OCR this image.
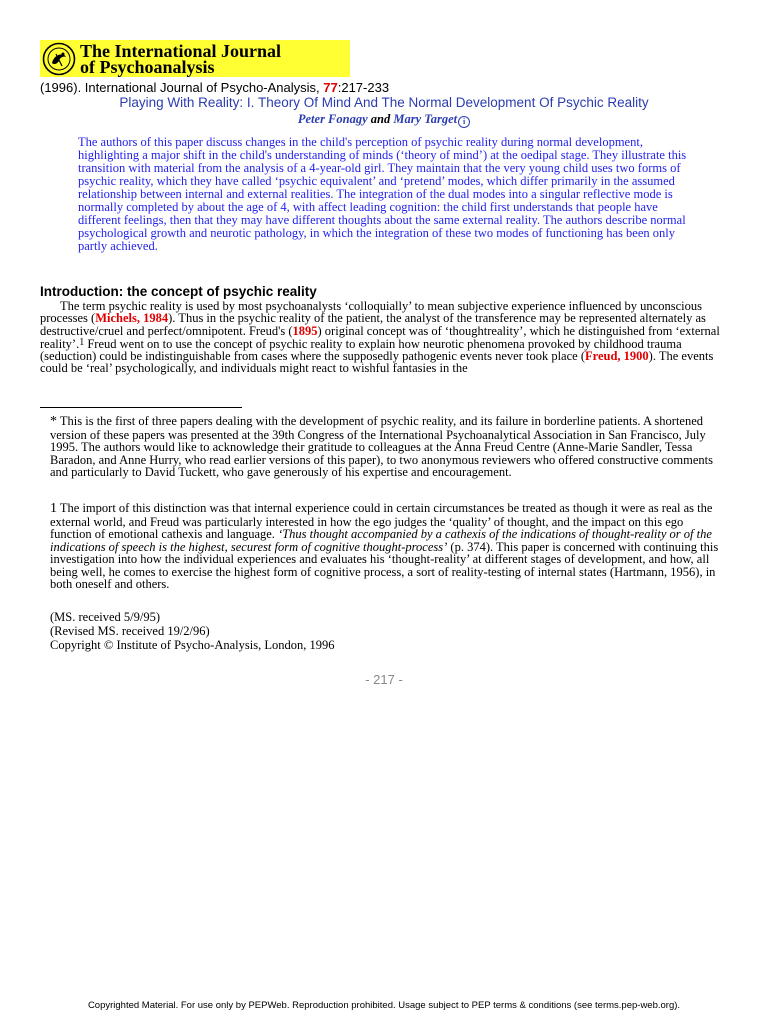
The International Journal
of Psychoanalysis
(1996). International Journal of Psycho-Analysis, 77:217-233
Playing With Reality: I. Theory Of Mind And The Normal Development Of Psychic Reality
Peter Fonagy and Mary Target i

The authors of this paper discuss changes in the child's perception of psychic reality during normal development, highlighting a major shift in the child's understanding of minds (‘theory of mind’) at the oedipal stage. They illustrate this transition with material from the analysis of a 4-year-old girl. They maintain that the very young child uses two forms of psychic reality, which they have called ‘psychic equivalent’ and ‘pretend’ modes, which differ primarily in the assumed relationship between internal and external realities. The integration of the dual modes into a singular reflective mode is normally completed by about the age of 4, with affect leading cognition: the child first understands that people have different feelings, then that they may have different thoughts about the same external reality. The authors describe normal psychological growth and neurotic pathology, in which the integration of these two modes of functioning has been only partly achieved.

Introduction: the concept of psychic reality

The term psychic reality is used by most psychoanalysts ‘colloquially’ to mean subjective experience influenced by unconscious processes (Michels, 1984). Thus in the psychic reality of the patient, the analyst of the transference may be represented alternately as destructive/cruel and perfect/omnipotent. Freud's (1895) original concept was of ‘thoughtreality’, which he distinguished from ‘external reality’.$^1$ Freud went on to use the concept of psychic reality to explain how neurotic phenomena provoked by childhood trauma (seduction) could be indistinguishable from cases where the supposedly pathogenic events never took place (Freud, 1900). The events could be ‘real’ psychologically, and individuals might react to wishful fantasies in the

* This is the first of three papers dealing with the development of psychic reality, and its failure in borderline patients. A shortened version of these papers was presented at the 39th Congress of the International Psychoanalytical Association in San Francisco, July 1995. The authors would like to acknowledge their gratitude to colleagues at the Anna Freud Centre (Anne-Marie Sandler, Tessa Baradon, and Anne Hurry, who read earlier versions of this paper), to two anonymous reviewers who offered constructive comments and particularly to David Tuckett, who gave generously of his expertise and encouragement.

1 The import of this distinction was that internal experience could in certain circumstances be treated as though it were as real as the external world, and Freud was particularly interested in how the ego judges the ‘quality’ of thought, and the impact on this ego function of emotional cathexis and language. ‘Thus thought accompanied by a cathexis of the indications of thought-reality or of the indications of speech is the highest, securest form of cognitive thought-process’ (p. 374). This paper is concerned with continuing this investigation into how the individual experiences and evaluates his ‘thought-reality’ at different stages of development, and how, all being well, he comes to exercise the highest form of cognitive process, a sort of reality-testing of internal states (Hartmann, 1956), in both oneself and others.

(MS. received 5/9/95)
(Revised MS. received 19/2/96)
Copyright © Institute of Psycho-Analysis, London, 1996
- 217 -
Copyrighted Material. For use only by PEPWeb. Reproduction prohibited. Usage subject to PEP terms & conditions (see terms.pep-web.org).
